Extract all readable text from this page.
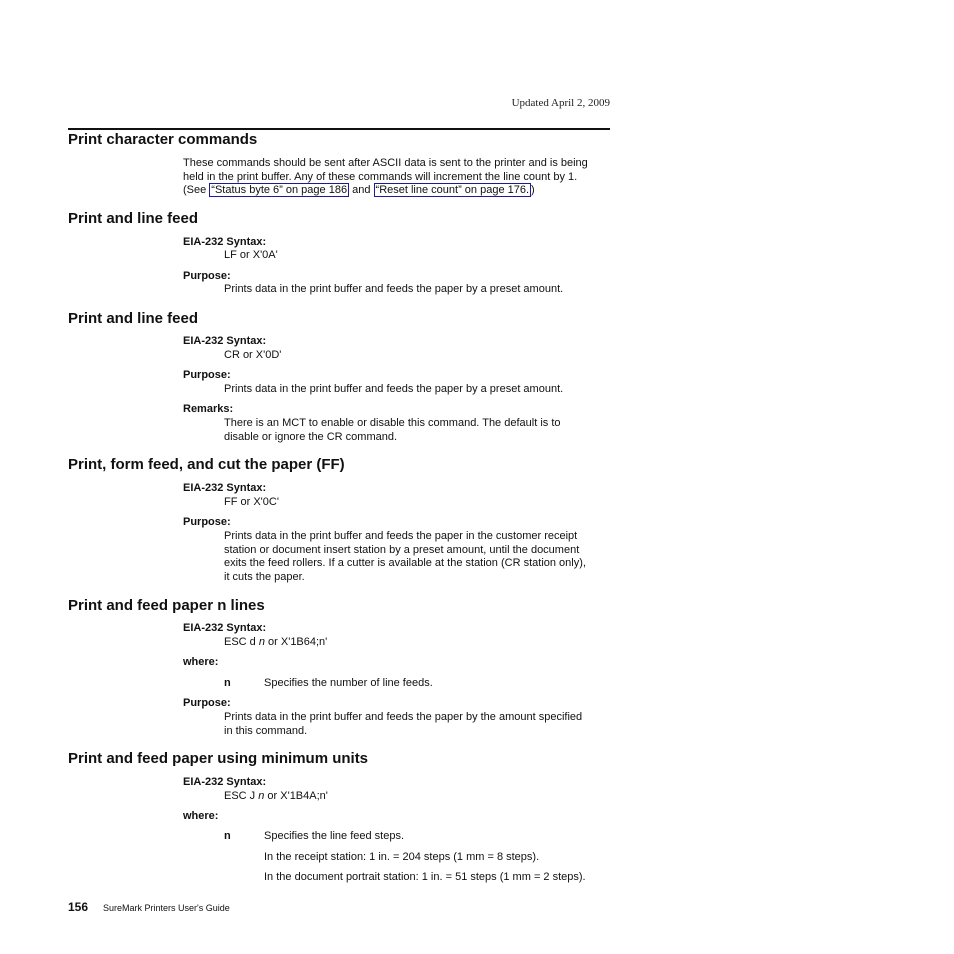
Updated April 2, 2009
Print character commands
These commands should be sent after ASCII data is sent to the printer and is being
held in the print buffer. Any of these commands will increment the line count by 1.
(See “Status byte 6” on page 186 and “Reset line count” on page 176. )
Print and line feed
EIA-232 Syntax:
LF or X'0A'
Purpose:
Prints data in the print buffer and feeds the paper by a preset amount.
Print and line feed
EIA-232 Syntax:
CR or X'0D'
Purpose:
Prints data in the print buffer and feeds the paper by a preset amount.
Remarks:
There is an MCT to enable or disable this command. The default is to
disable or ignore the CR command.
Print, form feed, and cut the paper (FF)
EIA-232 Syntax:
FF or X'0C'
Purpose:
Prints data in the print buffer and feeds the paper in the customer receipt
station or document insert station by a preset amount, until the document
exits the feed rollers. If a cutter is available at the station (CR station only),
it cuts the paper.
Print and feed paper n lines
EIA-232 Syntax:
ESC d n or X'1B64;n'
where:
n	Specifies the number of line feeds.
Purpose:
Prints data in the print buffer and feeds the paper by the amount specified
in this command.
Print and feed paper using minimum units
EIA-232 Syntax:
ESC J n or X'1B4A;n'
where:
n	Specifies the line feed steps.
In the receipt station: 1 in. = 204 steps (1 mm = 8 steps).
In the document portrait station: 1 in. = 51 steps (1 mm = 2 steps).
156 SureMark Printers User's Guide
